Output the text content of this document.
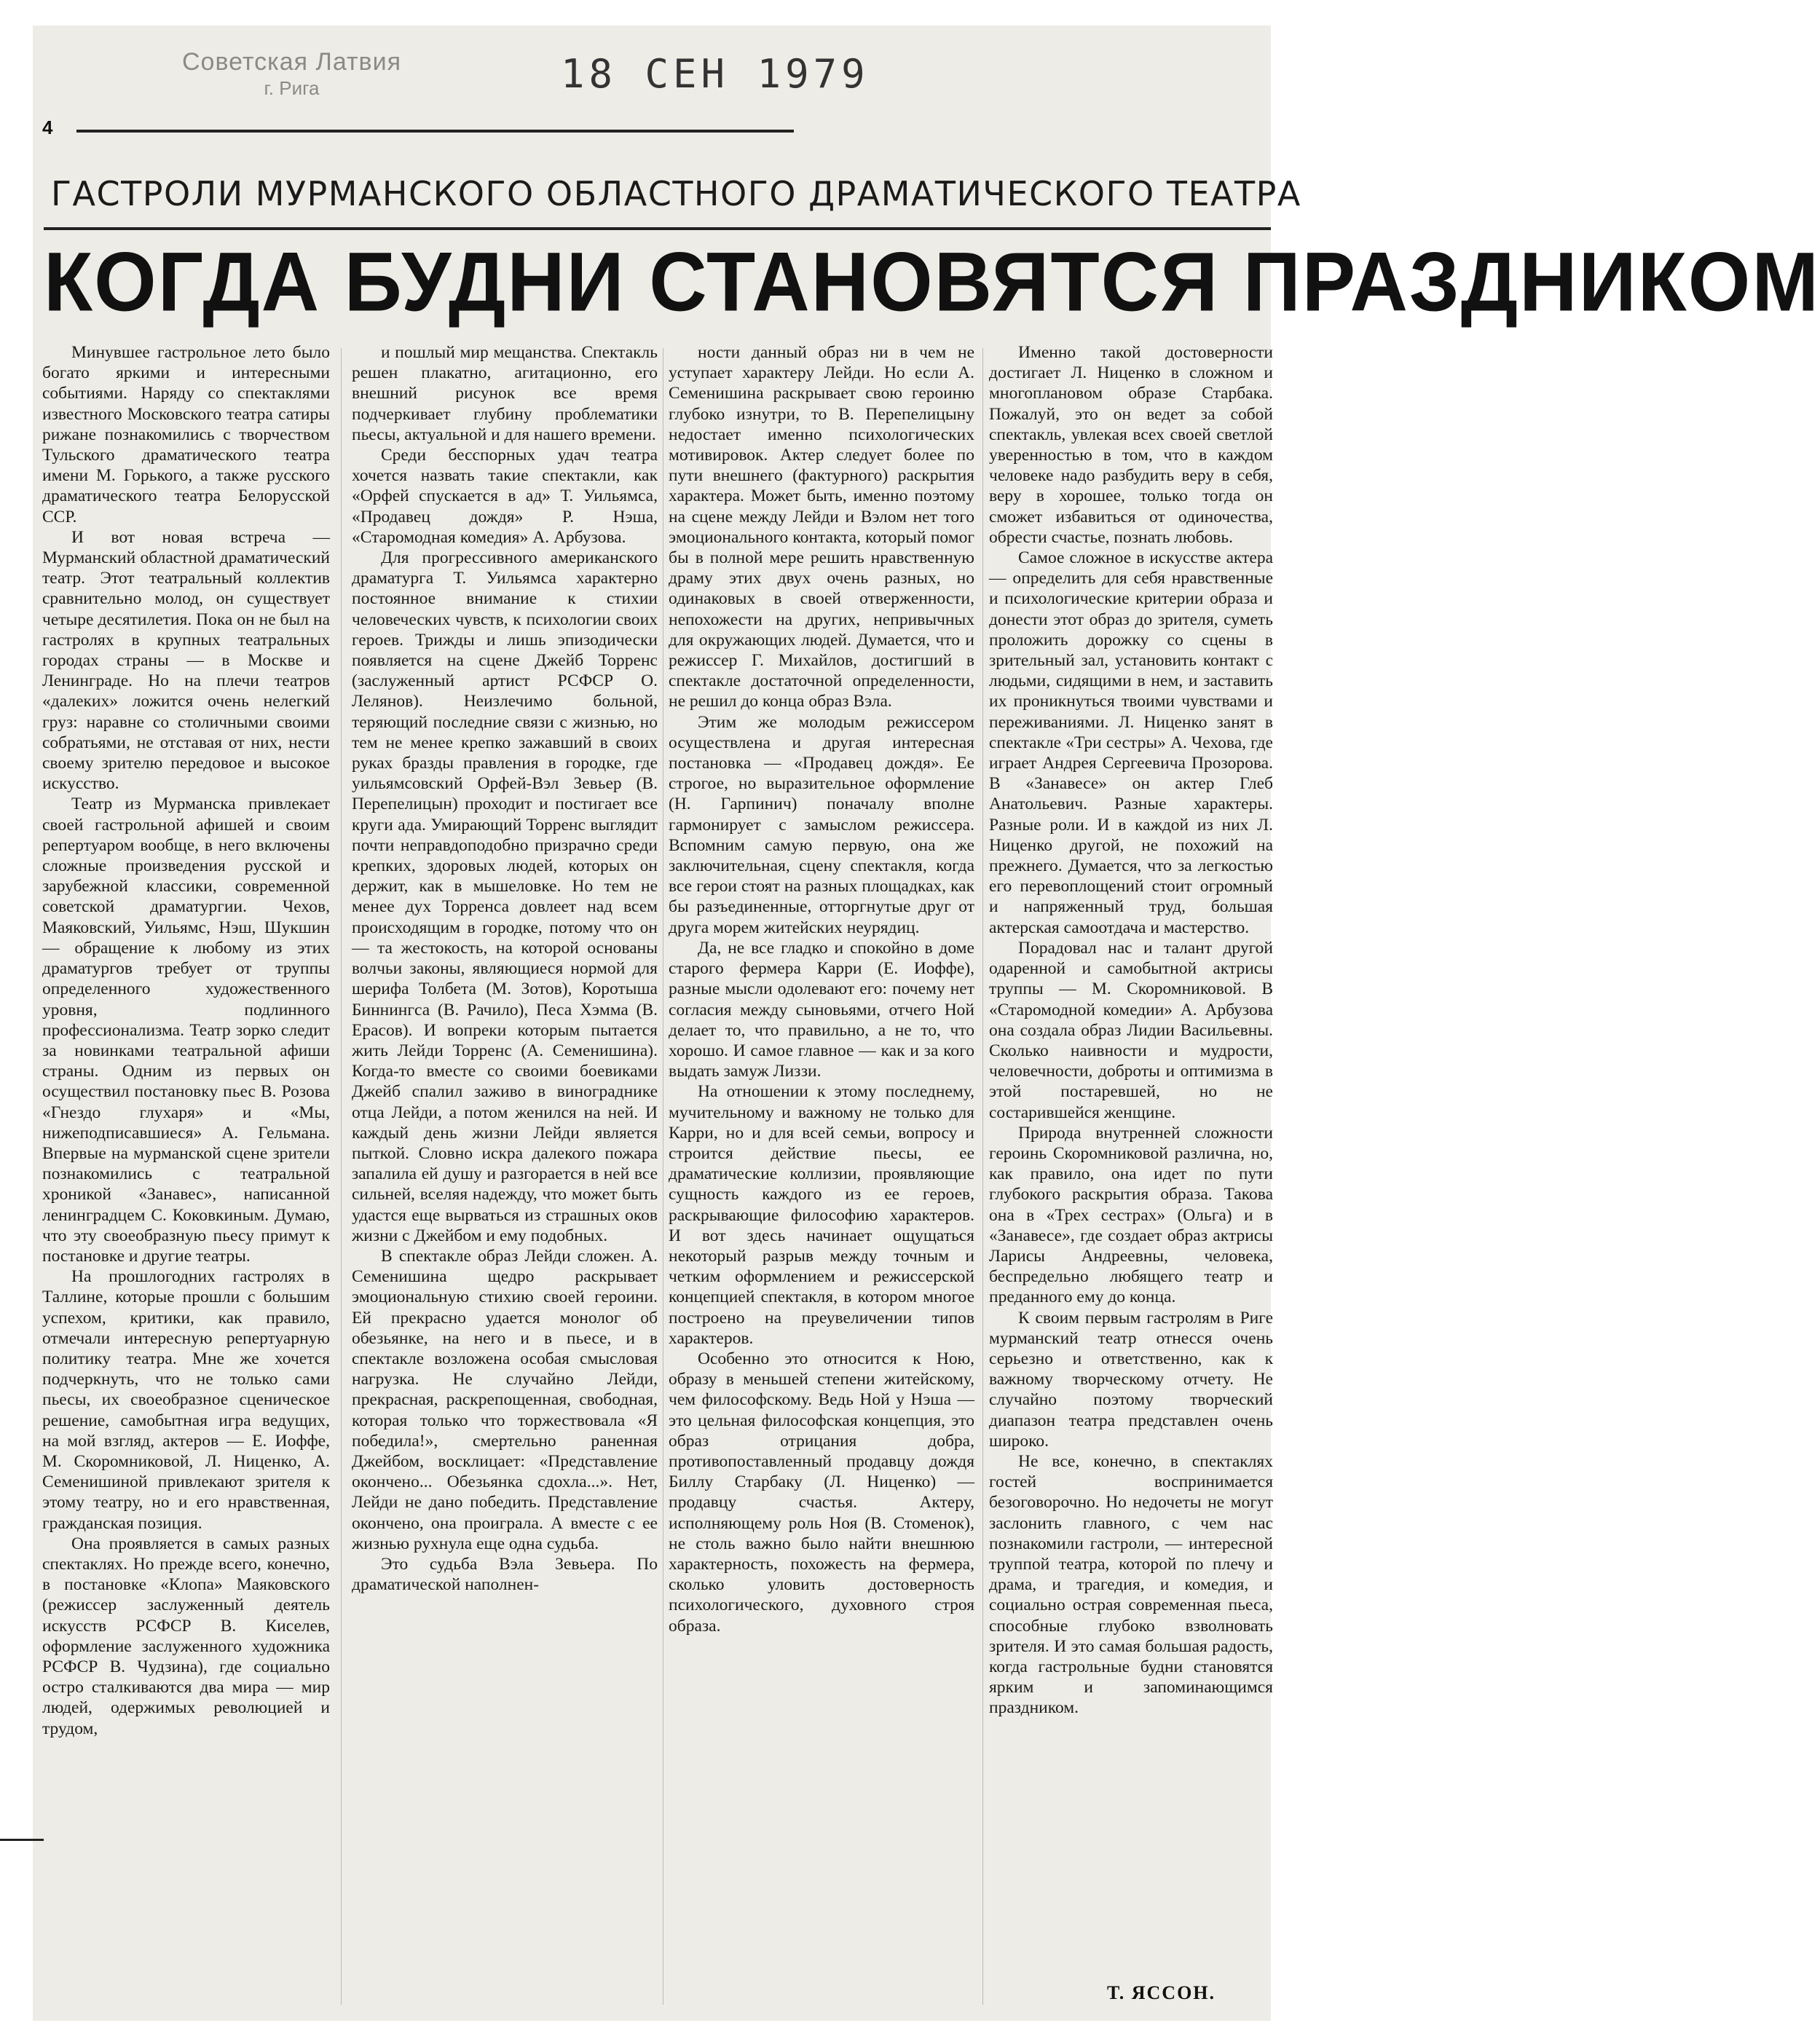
Советская Латвия
г. Рига	18 СЕН 1979
4
ГАСТРОЛИ МУРМАНСКОГО ОБЛАСТНОГО ДРАМАТИЧЕСКОГО ТЕАТРА
КОГДА БУДНИ СТАНОВЯТСЯ ПРАЗДНИКОМ

Минувшее гастрольное лето было богато яркими и интересными событиями. Наряду со спектаклями известного Московского театра сатиры рижане познакомились с творчеством Тульского драматического театра имени М. Горького, а также русского драматического театра Белорусской ССР.

И вот новая встреча — Мурманский областной драматический театр. Этот театральный коллектив сравнительно молод, он существует четыре десятилетия. Пока он не был на гастролях в крупных театральных городах страны — в Москве и Ленинграде. Но на плечи театров «далеких» ложится очень нелегкий груз: наравне со столичными своими собратьями, не отставая от них, нести своему зрителю передовое и высокое искусство.

Театр из Мурманска привлекает своей гастрольной афишей и своим репертуаром вообще, в него включены сложные произведения русской и зарубежной классики, современной советской драматургии. Чехов, Маяковский, Уильямс, Нэш, Шукшин — обращение к любому из этих драматургов требует от труппы определенного художественного уровня, подлинного профессионализма. Театр зорко следит за новинками театральной афиши страны. Одним из первых он осуществил постановку пьес В. Розова «Гнездо глухаря» и «Мы, нижеподписавшиеся» А. Гельмана. Впервые на мурманской сцене зрители познакомились с театральной хроникой «Занавес», написанной ленинградцем С. Коковкиным. Думаю, что эту своеобразную пьесу примут к постановке и другие театры.

На прошлогодних гастролях в Таллине, которые прошли с большим успехом, критики, как правило, отмечали интересную репертуарную политику театра. Мне же хочется подчеркнуть, что не только сами пьесы, их своеобразное сценическое решение, самобытная игра ведущих, на мой взгляд, актеров — Е. Иоффе, М. Скоромниковой, Л. Ниценко, А. Семенишиной привлекают зрителя к этому театру, но и его нравственная, гражданская позиция.

Она проявляется в самых разных спектаклях. Но прежде всего, конечно, в постановке «Клопа» Маяковского (режиссер заслуженный деятель искусств РСФСР В. Киселев, оформление заслуженного художника РСФСР В. Чудзина), где социально остро сталкиваются два мира — мир людей, одержимых революцией и трудом,

и пошлый мир мещанства. Спектакль решен плакатно, агитационно, его внешний рисунок все время подчеркивает глубину проблематики пьесы, актуальной и для нашего времени.

Среди бесспорных удач театра хочется назвать такие спектакли, как «Орфей спускается в ад» Т. Уильямса, «Продавец дождя» Р. Нэша, «Старомодная комедия» А. Арбузова.

Для прогрессивного американского драматурга Т. Уильямса характерно постоянное внимание к стихии человеческих чувств, к психологии своих героев. Трижды и лишь эпизодически появляется на сцене Джейб Торренс (заслуженный артист РСФСР О. Лелянов). Неизлечимо больной, теряющий последние связи с жизнью, но тем не менее крепко зажавший в своих руках бразды правления в городке, где уильямсовский Орфей-Вэл Зевьер (В. Перепелицын) проходит и постигает все круги ада. Умирающий Торренс выглядит почти неправдоподобно призрачно среди крепких, здоровых людей, которых он держит, как в мышеловке. Но тем не менее дух Торренса довлеет над всем происходящим в городке, потому что он — та жестокость, на которой основаны волчьи законы, являющиеся нормой для шерифа Толбета (М. Зотов), Коротыша Биннингса (В. Рачило), Песа Хэмма (В. Ерасов). И вопреки которым пытается жить Лейди Торренс (А. Семенишина). Когда-то вместе со своими боевиками Джейб спалил заживо в винограднике отца Лейди, а потом женился на ней. И каждый день жизни Лейди является пыткой. Словно искра далекого пожара запалила ей душу и разгорается в ней все сильней, вселяя надежду, что может быть удастся еще вырваться из страшных оков жизни с Джейбом и ему подобных.

В спектакле образ Лейди сложен. А. Семенишина щедро раскрывает эмоциональную стихию своей героини. Ей прекрасно удается монолог об обезьянке, на него и в пьесе, и в спектакле возложена особая смысловая нагрузка. Не случайно Лейди, прекрасная, раскрепощенная, свободная, которая только что торжествовала «Я победила!», смертельно раненная Джейбом, восклицает: «Представление окончено... Обезьянка сдохла...». Нет, Лейди не дано победить. Представление окончено, она проиграла. А вместе с ее жизнью рухнула еще одна судьба.

Это судьба Вэла Зевьера. По драматической наполнен-

ности данный образ ни в чем не уступает характеру Лейди. Но если А. Семенишина раскрывает свою героиню глубоко изнутри, то В. Перепелицыну недостает именно психологических мотивировок. Актер следует более по пути внешнего (фактурного) раскрытия характера. Может быть, именно поэтому на сцене между Лейди и Вэлом нет того эмоционального контакта, который помог бы в полной мере решить нравственную драму этих двух очень разных, но одинаковых в своей отверженности, непохожести на других, непривычных для окружающих людей. Думается, что и режиссер Г. Михайлов, достигший в спектакле достаточной определенности, не решил до конца образ Вэла.

Этим же молодым режиссером осуществлена и другая интересная постановка — «Продавец дождя». Ее строгое, но выразительное оформление (Н. Гарпинич) поначалу вполне гармонирует с замыслом режиссера. Вспомним самую первую, она же заключительная, сцену спектакля, когда все герои стоят на разных площадках, как бы разъединенные, отторгнутые друг от друга морем житейских неурядиц.

Да, не все гладко и спокойно в доме старого фермера Карри (Е. Иоффе), разные мысли одолевают его: почему нет согласия между сыновьями, отчего Ной делает то, что правильно, а не то, что хорошо. И самое главное — как и за кого выдать замуж Лиззи.

На отношении к этому последнему, мучительному и важному не только для Карри, но и для всей семьи, вопросу и строится действие пьесы, ее драматические коллизии, проявляющие сущность каждого из ее героев, раскрывающие философию характеров. И вот здесь начинает ощущаться некоторый разрыв между точным и четким оформлением и режиссерской концепцией спектакля, в котором многое построено на преувеличении типов характеров.

Особенно это относится к Ною, образу в меньшей степени житейскому, чем философскому. Ведь Ной у Нэша — это цельная философская концепция, это образ отрицания добра, противопоставленный продавцу дождя Биллу Старбаку (Л. Ниценко) — продавцу счастья. Актеру, исполняющему роль Ноя (В. Стоменок), не столь важно было найти внешнюю характерность, похожесть на фермера, сколько уловить достоверность психологического, духовного строя образа.

Именно такой достоверности достигает Л. Ниценко в сложном и многоплановом образе Старбака. Пожалуй, это он ведет за собой спектакль, увлекая всех своей светлой уверенностью в том, что в каждом человеке надо разбудить веру в себя, веру в хорошее, только тогда он сможет избавиться от одиночества, обрести счастье, познать любовь.

Самое сложное в искусстве актера — определить для себя нравственные и психологические критерии образа и донести этот образ до зрителя, суметь проложить дорожку со сцены в зрительный зал, установить контакт с людьми, сидящими в нем, и заставить их проникнуться твоими чувствами и переживаниями. Л. Ниценко занят в спектакле «Три сестры» А. Чехова, где играет Андрея Сергеевича Прозорова. В «Занавесе» он актер Глеб Анатольевич. Разные характеры. Разные роли. И в каждой из них Л. Ниценко другой, не похожий на прежнего. Думается, что за легкостью его перевоплощений стоит огромный и напряженный труд, большая актерская самоотдача и мастерство.

Порадовал нас и талант другой одаренной и самобытной актрисы труппы — М. Скоромниковой. В «Старомодной комедии» А. Арбузова она создала образ Лидии Васильевны. Сколько наивности и мудрости, человечности, доброты и оптимизма в этой постаревшей, но не состарившейся женщине.

Природа внутренней сложности героинь Скоромниковой различна, но, как правило, она идет по пути глубокого раскрытия образа. Такова она в «Трех сестрах» (Ольга) и в «Занавесе», где создает образ актрисы Ларисы Андреевны, человека, беспредельно любящего театр и преданного ему до конца.

К своим первым гастролям в Риге мурманский театр отнесся очень серьезно и ответственно, как к важному творческому отчету. Не случайно поэтому творческий диапазон театра представлен очень широко.

Не все, конечно, в спектаклях гостей воспринимается безоговорочно. Но недочеты не могут заслонить главного, с чем нас познакомили гастроли, — интересной труппой театра, которой по плечу и драма, и трагедия, и комедия, и социально острая современная пьеса, способные глубоко взволновать зрителя. И это самая большая радость, когда гастрольные будни становятся ярким и запоминающимся праздником.

Т. ЯССОН.
